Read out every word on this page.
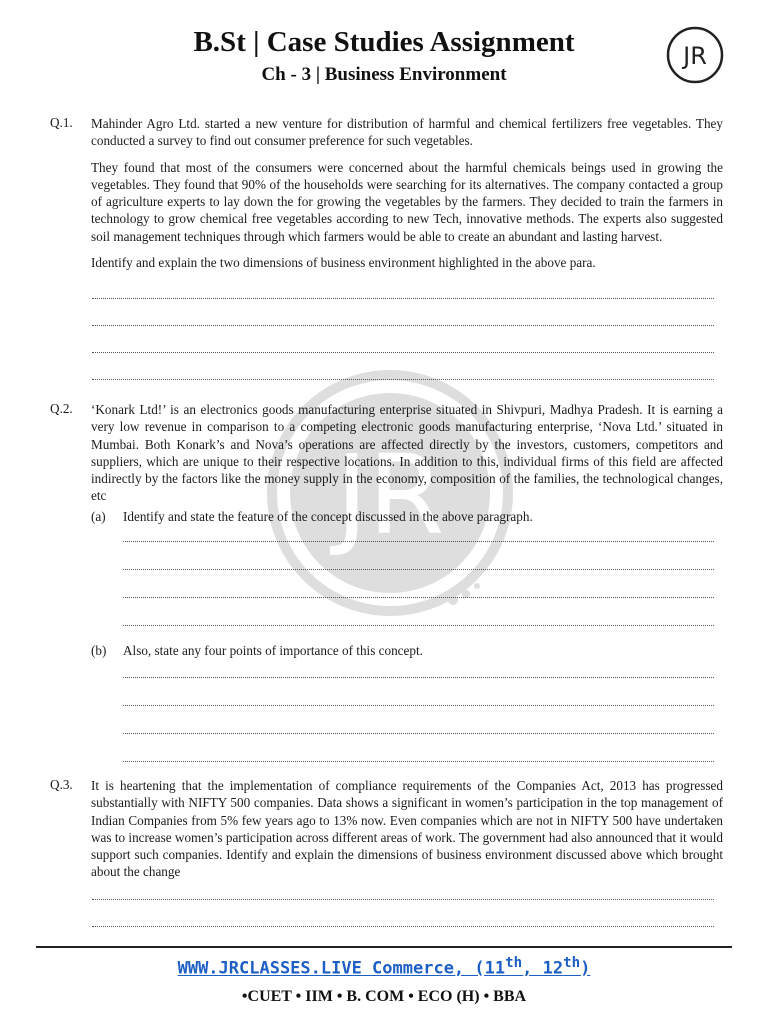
B.St | Case Studies Assignment
Ch - 3 | Business Environment
JR
JR
Q.1. Mahinder Agro Ltd. started a new venture for distribution of harmful and chemical fertilizers free vegetables. They conducted a survey to find out consumer preference for such vegetables.

They found that most of the consumers were concerned about the harmful chemicals beings used in growing the vegetables. They found that 90% of the households were searching for its alternatives. The company contacted a group of agriculture experts to lay down the for growing the vegetables by the farmers. They decided to train the farmers in technology to grow chemical free vegetables according to new Tech, innovative methods. The experts also suggested soil management techniques through which farmers would be able to create an abundant and lasting harvest.

Identify and explain the two dimensions of business environment highlighted in the above para.

Q.2. ‘Konark Ltd!’ is an electronics goods manufacturing enterprise situated in Shivpuri, Madhya Pradesh. It is earning a very low revenue in comparison to a competing electronic goods manufacturing enterprise, ‘Nova Ltd.’ situated in Mumbai. Both Konark’s and Nova’s operations are affected directly by the investors, customers, competitors and suppliers, which are unique to their respective locations. In addition to this, individual firms of this field are affected indirectly by the factors like the money supply in the economy, composition of the families, the technological changes, etc

(a) Identify and state the feature of the concept discussed in the above paragraph.
(b) Also, state any four points of importance of this concept.
Q.3. It is heartening that the implementation of compliance requirements of the Companies Act, 2013 has progressed substantially with NIFTY 500 companies. Data shows a significant in women’s participation in the top management of Indian Companies from 5% few years ago to 13% now. Even companies which are not in NIFTY 500 have undertaken was to increase women’s participation across different areas of work. The government had also announced that it would support such companies. Identify and explain the dimensions of business environment discussed above which brought about the change

WWW.JRCLASSES.LIVE Commerce, (11th, 12th)
•CUET • IIM • B. COM • ECO (H) • BBA
